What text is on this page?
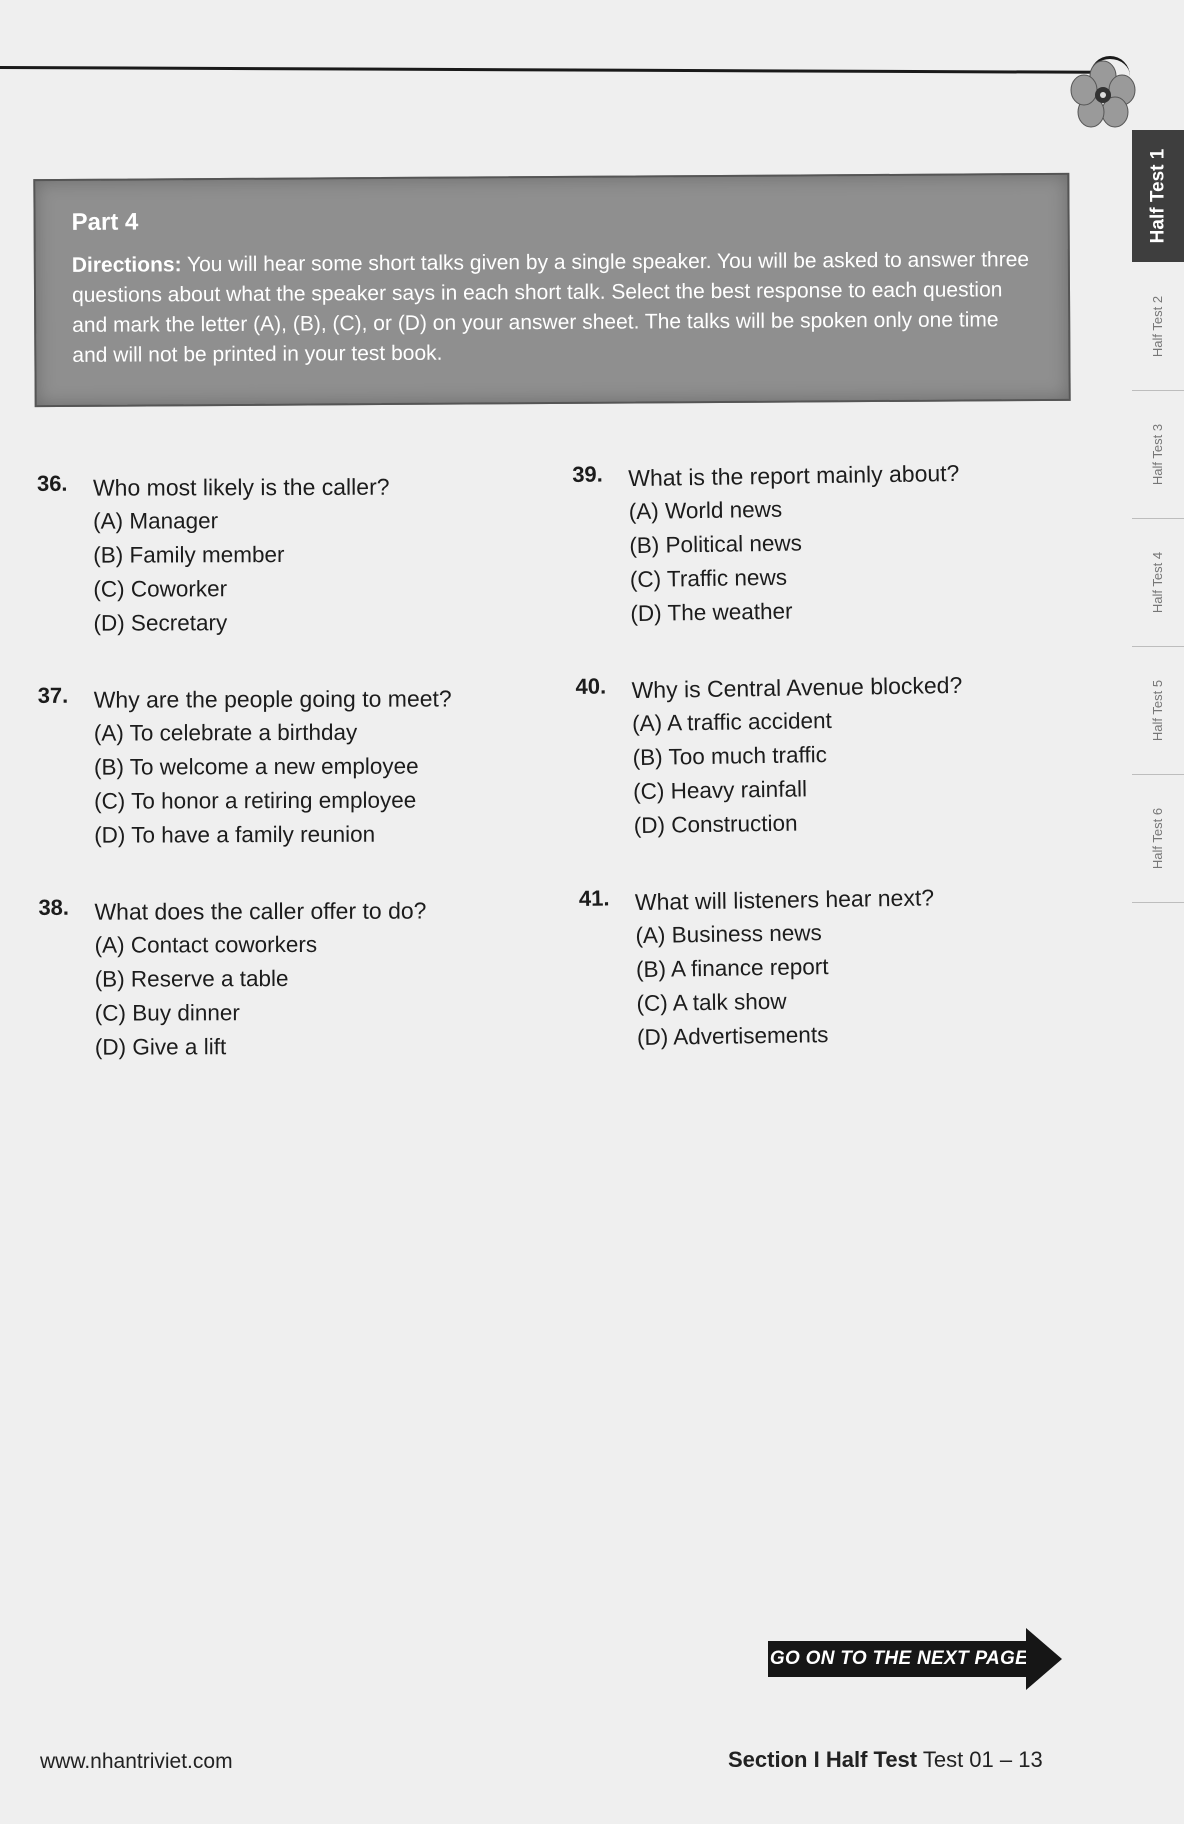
Half Test 1
Half Test 2
Half Test 3
Half Test 4
Half Test 5
Half Test 6
Part 4
Directions: You will hear some short talks given by a single speaker. You will be asked to answer three questions about what the speaker says in each short talk. Select the best response to each question and mark the letter (A), (B), (C), or (D) on your answer sheet. The talks will be spoken only one time and will not be printed in your test book.
36. Who most likely is the caller?
(A) Manager
(B) Family member
(C) Coworker
(D) Secretary
37. Why are the people going to meet?
(A) To celebrate a birthday
(B) To welcome a new employee
(C) To honor a retiring employee
(D) To have a family reunion
38. What does the caller offer to do?
(A) Contact coworkers
(B) Reserve a table
(C) Buy dinner
(D) Give a lift
39. What is the report mainly about?
(A) World news
(B) Political news
(C) Traffic news
(D) The weather
40. Why is Central Avenue blocked?
(A) A traffic accident
(B) Too much traffic
(C) Heavy rainfall
(D) Construction
41. What will listeners hear next?
(A) Business news
(B) A finance report
(C) A talk show
(D) Advertisements
GO ON TO THE NEXT PAGE
www.nhantriviet.com	Section I Half Test Test 01 – 13
